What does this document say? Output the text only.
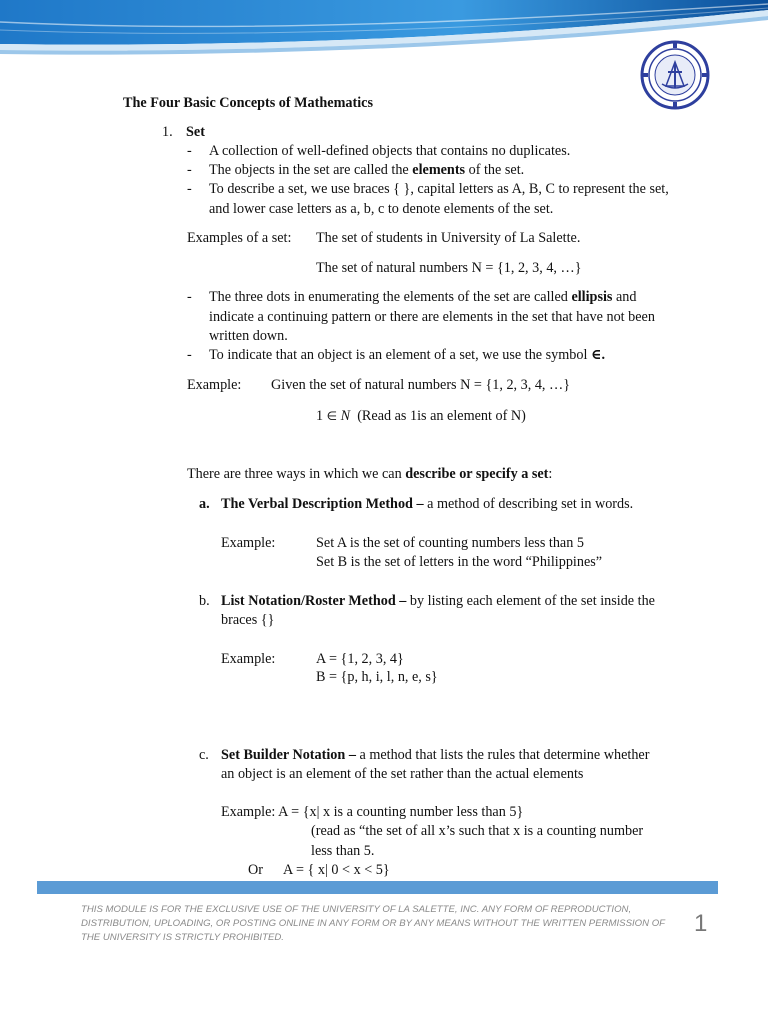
The Four Basic Concepts of Mathematics
1. Set
- A collection of well-defined objects that contains no duplicates.
- The objects in the set are called the elements of the set.
- To describe a set, we use braces { }, capital letters as A, B, C to represent the set, and lower case letters as a, b, c to denote elements of the set.
Examples of a set: The set of students in University of La Salette.
The set of natural numbers N = {1, 2, 3, 4, …}
- The three dots in enumerating the elements of the set are called ellipsis and indicate a continuing pattern or there are elements in the set that have not been written down.
- To indicate that an object is an element of a set, we use the symbol ∈.
Example: Given the set of natural numbers N = {1, 2, 3, 4, …}
1 ∈ N (Read as 1is an element of N)
There are three ways in which we can describe or specify a set:
a. The Verbal Description Method – a method of describing set in words.
Example:	Set A is the set of counting numbers less than 5
Set B is the set of letters in the word “Philippines”
b. List Notation/Roster Method – by listing each element of the set inside the
braces {}
Example:	A = {1, 2, 3, 4}
B = {p, h, i, l, n, e, s}
c. Set Builder Notation – a method that lists the rules that determine whether
an object is an element of the set rather than the actual elements
Example: A = {x| x is a counting number less than 5}
(read as “the set of all x’s such that x is a counting number
less than 5.
Or A = { x| 0 < x < 5}
THIS MODULE IS FOR THE EXCLUSIVE USE OF THE UNIVERSITY OF LA SALETTE, INC. ANY FORM OF REPRODUCTION, DISTRIBUTION, UPLOADING, OR POSTING ONLINE IN ANY FORM OR BY ANY MEANS WITHOUT THE WRITTEN PERMISSION OF THE UNIVERSITY IS STRICTLY PROHIBITED.
1
